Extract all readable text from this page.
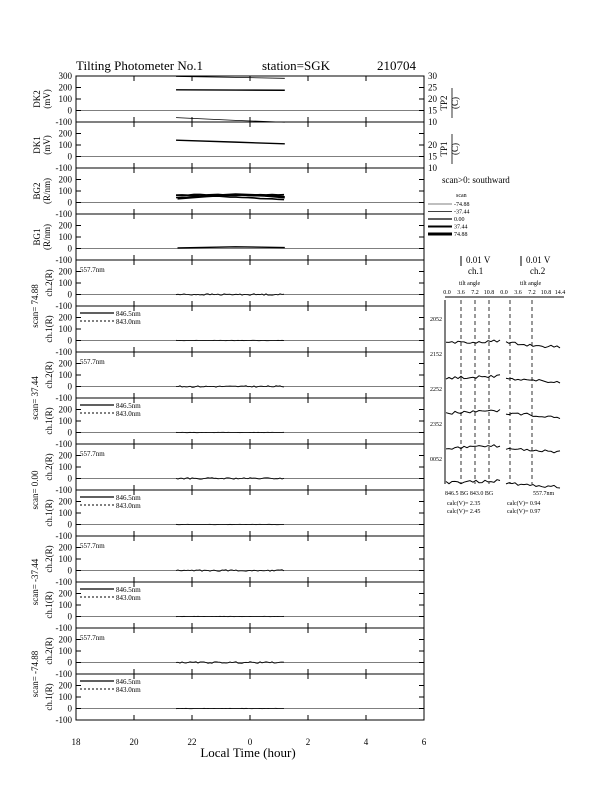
Tilting Photometer No.1	station=SGK	210704
300
200
100
0
-100
DK2 (mV)
30
25
20
15
10
TP2 (C)
200
100
0
-100
DK1 (mV)	20
15
10
TP1 (C)
200
100
0
-100
BG2 (R/nm)
200
100
0
-100
BG1 (R/nm)
200
100
0
-100
557.7nm
ch.2(R)
scan= 74.88 200
100
0
-100
846.5nm
843.0nm
ch.1(R)
200
100
0
-100
557.7nm
ch.2(R)
scan= 37.44 200
100
0
-100
846.5nm
843.0nm
ch.1(R)
200
100
0
-100
557.7nm
ch.2(R)
scan= 0.00 200
100
0
-100
846.5nm
843.0nm
ch.1(R)
200
100
0
-100
557.7nm
ch.2(R)
scan= -37.44 200
100
0
-100
846.5nm
843.0nm
ch.1(R)
200
100
0
-100
557.7nm
ch.2(R)
scan= -74.88 200
100
0
-100
846.5nm
843.0nm
ch.1(R)
18	20	22	0	2	4	6
Local Time (hour)
scan>0: southward
scan
-74.88
-37.44
0.00
37.44
74.88
0.01 V	0.01 V
ch.1	ch.2
tilt angle	tilt angle
0.0 3.6 7.2 10.8 0.0 3.6 7.2 10.8 14.4
2052
2152
2252
2352
0052
846.5 BG 843.0 BG	557.7nm
calc(V)= 2.35
calc(V)= 2.45
calc(V)= 0.94
calc(V)= 0.97
